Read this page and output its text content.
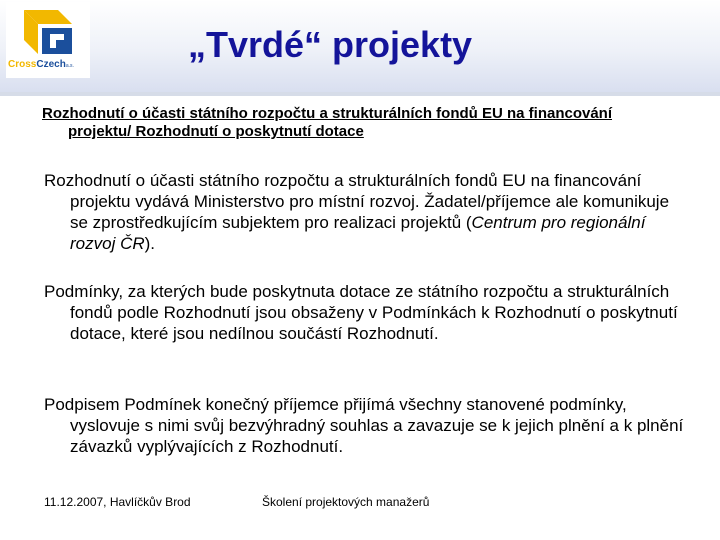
CrossCzecha.s.
„Tvrdé“ projekty
Rozhodnutí o účasti státního rozpočtu a strukturálních fondů EU na financování projektu/ Rozhodnutí o poskytnutí dotace
Rozhodnutí o účasti státního rozpočtu a strukturálních fondů EU na financování projektu vydává Ministerstvo pro místní rozvoj. Žadatel/příjemce ale komunikuje se zprostředkujícím subjektem pro realizaci projektů (Centrum pro regionální rozvoj ČR).
Podmínky, za kterých bude poskytnuta dotace ze státního rozpočtu a strukturálních fondů podle Rozhodnutí jsou obsaženy v Podmínkách k Rozhodnutí o poskytnutí dotace, které jsou nedílnou součástí Rozhodnutí.
Podpisem Podmínek konečný příjemce přijímá všechny stanovené podmínky, vyslovuje s nimi svůj bezvýhradný souhlas a zavazuje se k jejich plnění a k plnění závazků vyplývajících z Rozhodnutí.
11.12.2007, Havlíčkův Brod	Školení projektových manažerů
